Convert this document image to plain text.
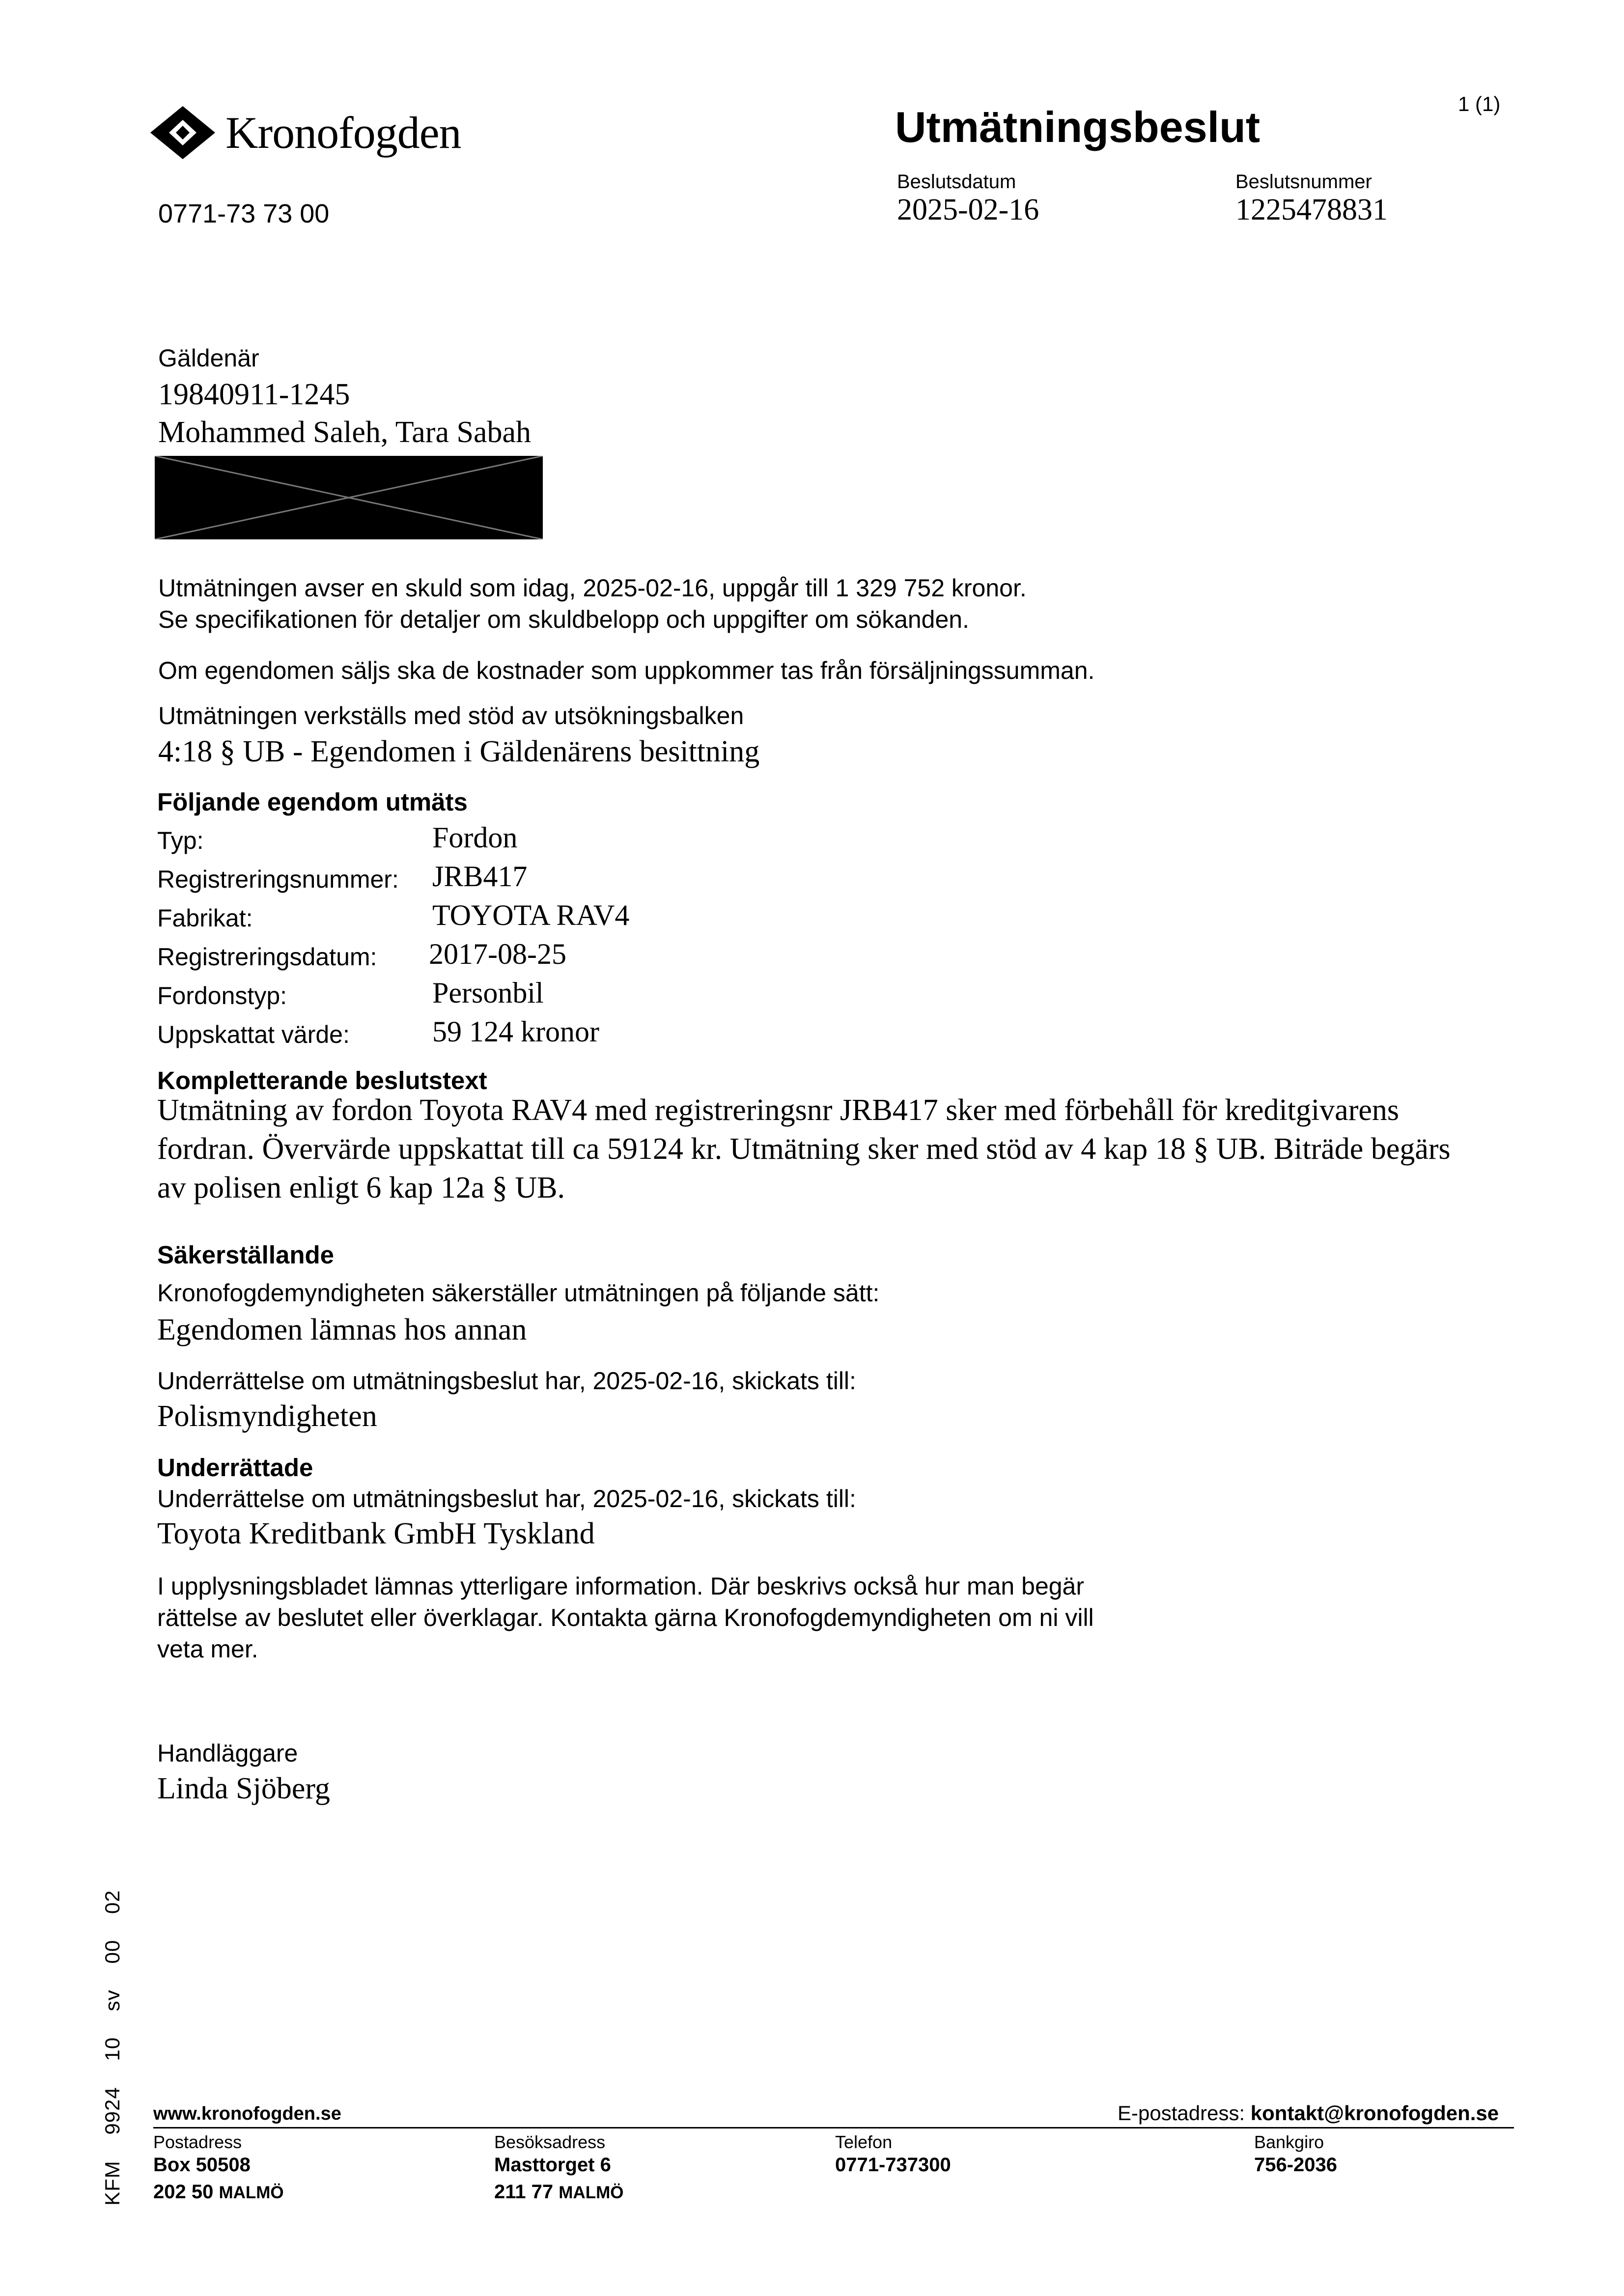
Kronofogden	Utmätningsbeslut	1 (1)
0771-73 73 00
Beslutsdatum
2025-02-16
Beslutsnummer
1225478831
Gäldenär
19840911-1245
Mohammed Saleh, Tara Sabah
Utmätningen avser en skuld som idag, 2025-02-16, uppgår till 1 329 752 kronor.
Se specifikationen för detaljer om skuldbelopp och uppgifter om sökanden.
Om egendomen säljs ska de kostnader som uppkommer tas från försäljningssumman.
Utmätningen verkställs med stöd av utsökningsbalken
4:18 § UB - Egendomen i Gäldenärens besittning
Följande egendom utmäts
Typ:	Fordon
Registreringsnummer: JRB417
Fabrikat:	TOYOTA RAV4
Registreringsdatum: 2017-08-25
Fordonstyp:	Personbil
Uppskattat värde:	59 124 kronor
Kompletterande beslutstext
Utmätning av fordon Toyota RAV4 med registreringsnr JRB417 sker med förbehåll för kreditgivarens
fordran. Övervärde uppskattat till ca 59124 kr. Utmätning sker med stöd av 4 kap 18 § UB. Biträde begärs
av polisen enligt 6 kap 12a § UB.
Säkerställande
Kronofogdemyndigheten säkerställer utmätningen på följande sätt:
Egendomen lämnas hos annan
Underrättelse om utmätningsbeslut har, 2025-02-16, skickats till:
Polismyndigheten
Underrättade
Underrättelse om utmätningsbeslut har, 2025-02-16, skickats till:
Toyota Kreditbank GmbH Tyskland
I upplysningsbladet lämnas ytterligare information. Där beskrivs också hur man begär
rättelse av beslutet eller överklagar. Kontakta gärna Kronofogdemyndigheten om ni vill
veta mer.
Handläggare
Linda Sjöberg
KFM 9924 10 sv 00 02 www.kronofogden.se	E-postadress: kontakt@kronofogden.se
Postadress
Box 50508
202 50 MALMÖ
Besöksadress
Masttorget 6
211 77 MALMÖ
Telefon
0771-737300
Bankgiro
756-2036
